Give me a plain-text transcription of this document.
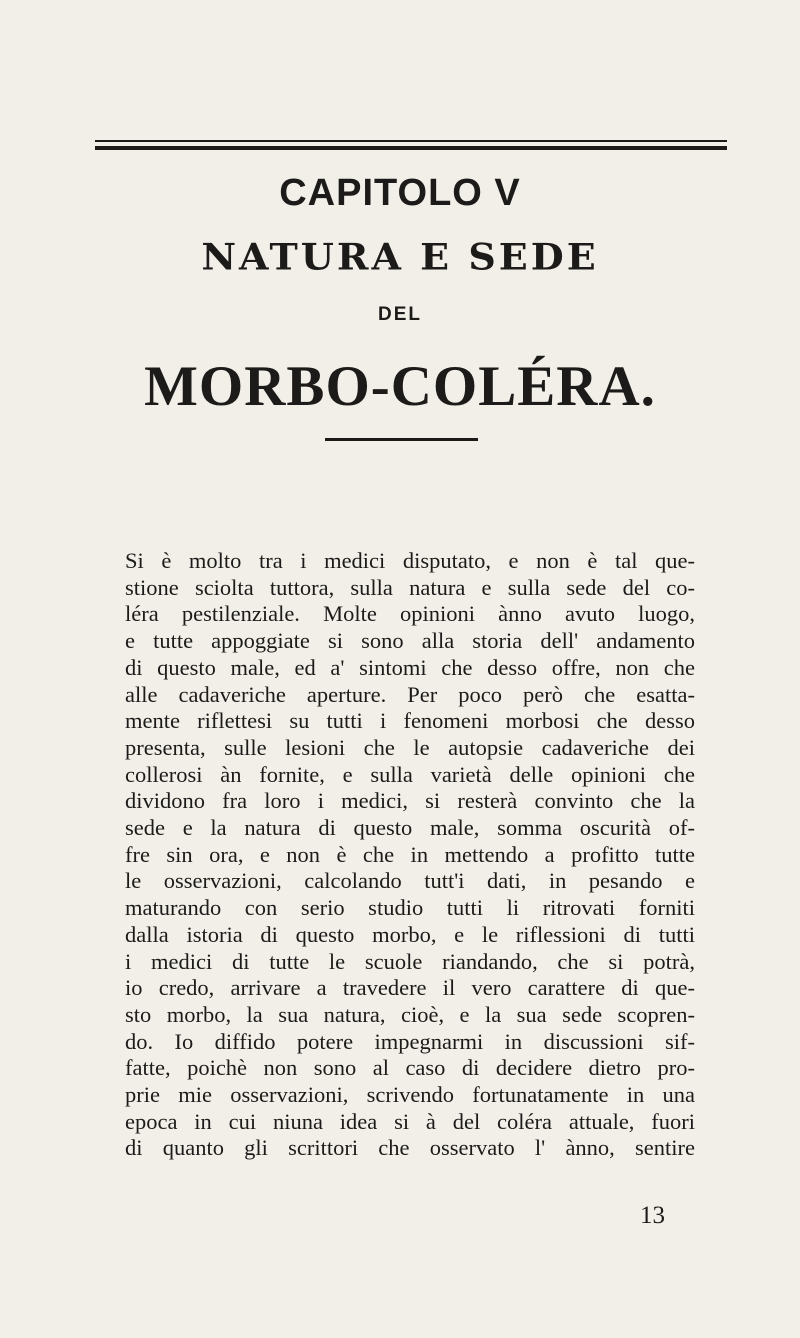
CAPITOLO V
NATURA E SEDE
DEL
MORBO-COLÉRA.
Si è molto tra i medici disputato, e non è tal que-
stione sciolta tuttora, sulla natura e sulla sede del co-
léra pestilenziale. Molte opinioni ànno avuto luogo,
e tutte appoggiate si sono alla storia dell' andamento
di questo male, ed a' sintomi che desso offre, non che
alle cadaveriche aperture. Per poco però che esatta-
mente riflettesi su tutti i fenomeni morbosi che desso
presenta, sulle lesioni che le autopsie cadaveriche dei
collerosi àn fornite, e sulla varietà delle opinioni che
dividono fra loro i medici, si resterà convinto che la
sede e la natura di questo male, somma oscurità of-
fre sin ora, e non è che in mettendo a profitto tutte
le osservazioni, calcolando tutt'i dati, in pesando e
maturando con serio studio tutti li ritrovati forniti
dalla istoria di questo morbo, e le riflessioni di tutti
i medici di tutte le scuole riandando, che si potrà,
io credo, arrivare a travedere il vero carattere di que-
sto morbo, la sua natura, cioè, e la sua sede scopren-
do. Io diffido potere impegnarmi in discussioni sif-
fatte, poichè non sono al caso di decidere dietro pro-
prie mie osservazioni, scrivendo fortunatamente in una
epoca in cui niuna idea si à del coléra attuale, fuori
di quanto gli scrittori che osservato l' ànno, sentire
13
